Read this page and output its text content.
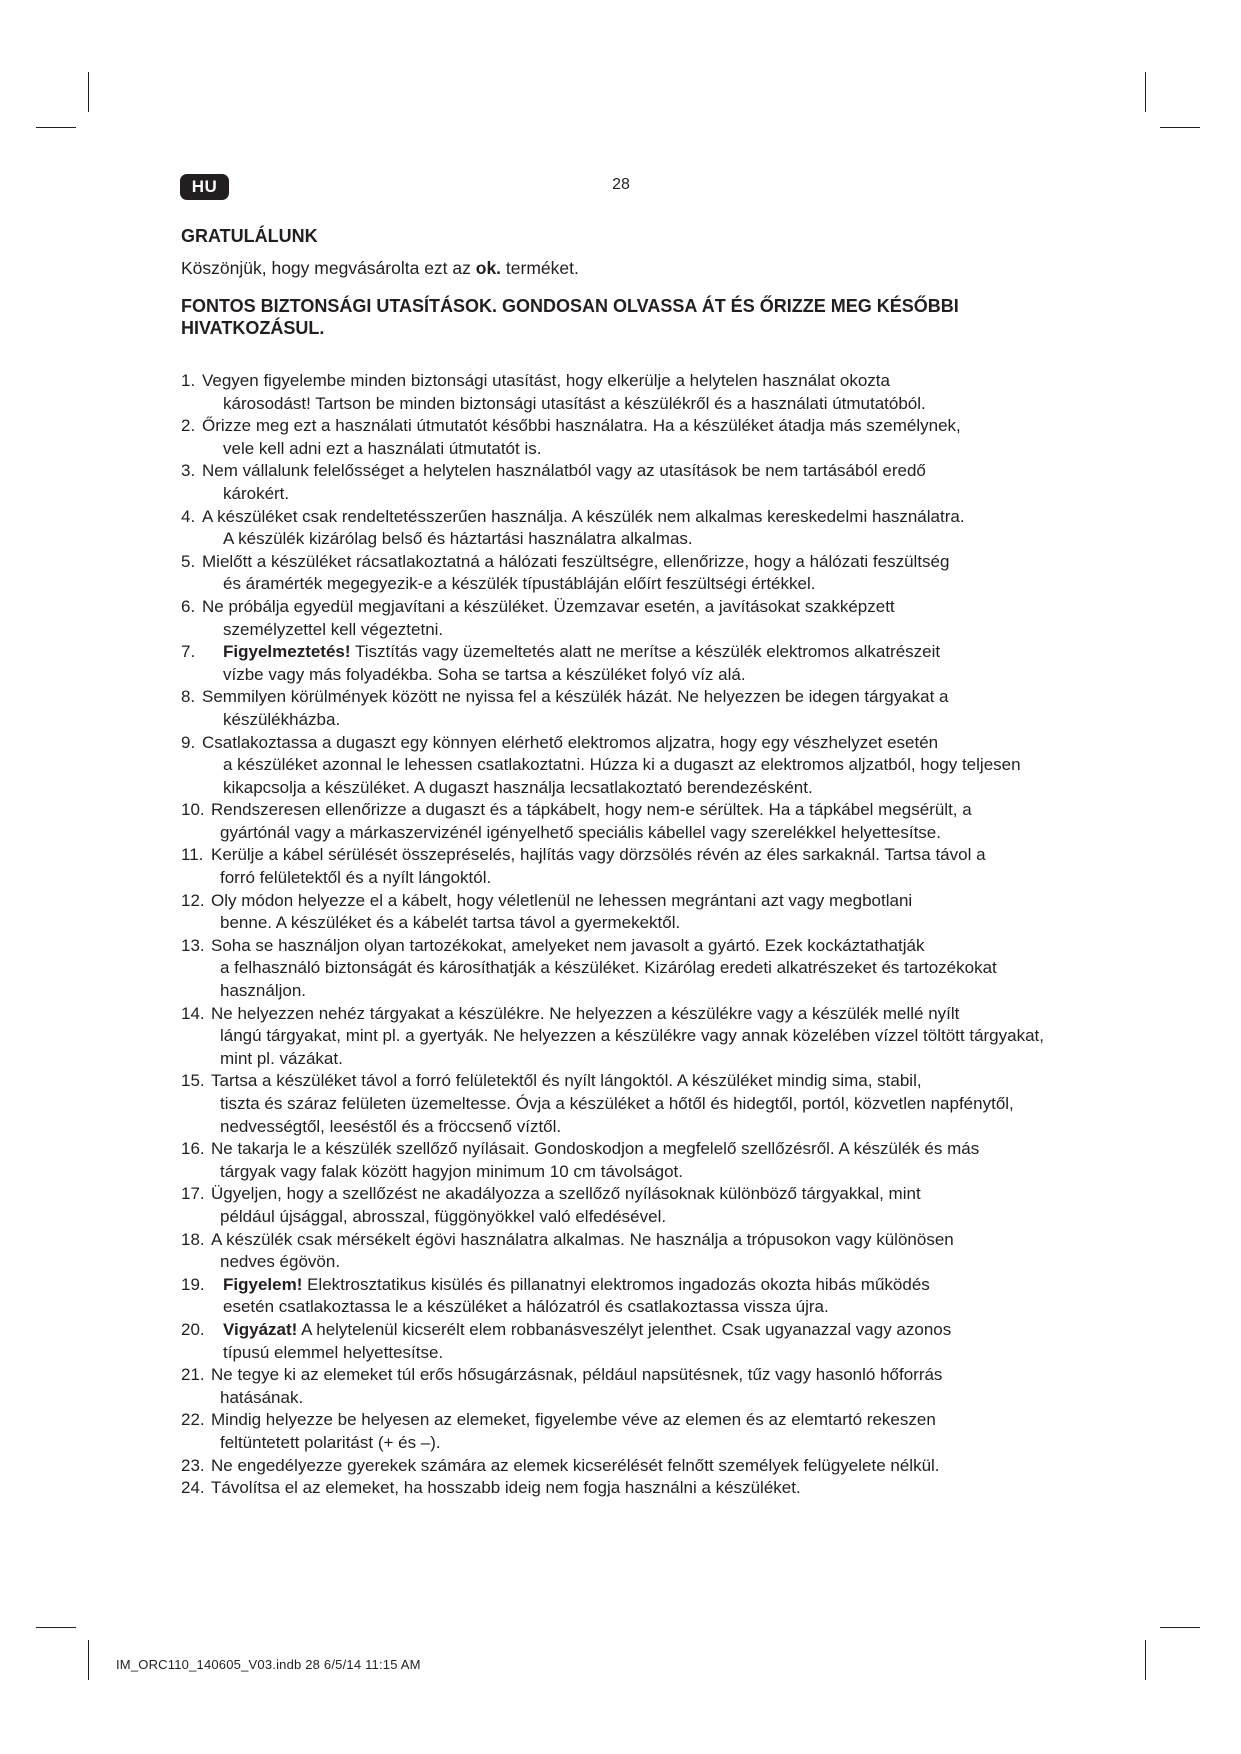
HU	28
GRATULÁLUNK

Köszönjük, hogy megvásárolta ezt az ok. terméket.

FONTOS BIZTONSÁGI UTASÍTÁSOK. GONDOSAN OLVASSA ÁT ÉS ŐRIZZE MEG KÉSŐBBI HIVATKOZÁSUL.
1. Vegyen figyelembe minden biztonsági utasítást, hogy elkerülje a helytelen használat okozta
károsodást! Tartson be minden biztonsági utasítást a készülékről és a használati útmutatóból.
2. Őrizze meg ezt a használati útmutatót későbbi használatra. Ha a készüléket átadja más személynek,
vele kell adni ezt a használati útmutatót is.
3. Nem vállalunk felelősséget a helytelen használatból vagy az utasítások be nem tartásából eredő
károkért.
4. A készüléket csak rendeltetésszerűen használja. A készülék nem alkalmas kereskedelmi használatra.
A készülék kizárólag belső és háztartási használatra alkalmas.
5. Mielőtt a készüléket rácsatlakoztatná a hálózati feszültségre, ellenőrizze, hogy a hálózati feszültség
és áramérték megegyezik-e a készülék típustábláján előírt feszültségi értékkel.
6. Ne próbálja egyedül megjavítani a készüléket. Üzemzavar esetén, a javításokat szakképzett
személyzettel kell végeztetni.
7. Figyelmeztetés! Tisztítás vagy üzemeltetés alatt ne merítse a készülék elektromos alkatrészeit
vízbe vagy más folyadékba. Soha se tartsa a készüléket folyó víz alá.
8. Semmilyen körülmények között ne nyissa fel a készülék házát. Ne helyezzen be idegen tárgyakat a
készülékházba.
9. Csatlakoztassa a dugaszt egy könnyen elérhető elektromos aljzatra, hogy egy vészhelyzet esetén
a készüléket azonnal le lehessen csatlakoztatni. Húzza ki a dugaszt az elektromos aljzatból, hogy teljesen kikapcsolja a készüléket. A dugaszt használja lecsatlakoztató berendezésként.
10. Rendszeresen ellenőrizze a dugaszt és a tápkábelt, hogy nem-e sérültek. Ha a tápkábel megsérült, a
gyártónál vagy a márkaszervizénél igényelhető speciális kábellel vagy szerelékkel helyettesítse.
11. Kerülje a kábel sérülését összepréselés, hajlítás vagy dörzsölés révén az éles sarkaknál. Tartsa távol a
forró felületektől és a nyílt lángoktól.
12. Oly módon helyezze el a kábelt, hogy véletlenül ne lehessen megrántani azt vagy megbotlani
benne. A készüléket és a kábelét tartsa távol a gyermekektől.
13. Soha se használjon olyan tartozékokat, amelyeket nem javasolt a gyártó. Ezek kockáztathatják
a felhasználó biztonságát és károsíthatják a készüléket. Kizárólag eredeti alkatrészeket és tartozékokat használjon.
14. Ne helyezzen nehéz tárgyakat a készülékre. Ne helyezzen a készülékre vagy a készülék mellé nyílt
lángú tárgyakat, mint pl. a gyertyák. Ne helyezzen a készülékre vagy annak közelében vízzel töltött tárgyakat, mint pl. vázákat.
15. Tartsa a készüléket távol a forró felületektől és nyílt lángoktól. A készüléket mindig sima, stabil,
tiszta és száraz felületen üzemeltesse. Óvja a készüléket a hőtől és hidegtől, portól, közvetlen napfénytől, nedvességtől, leeséstől és a fröccsenő víztől.
16. Ne takarja le a készülék szellőző nyílásait. Gondoskodjon a megfelelő szellőzésről. A készülék és más
tárgyak vagy falak között hagyjon minimum 10 cm távolságot.
17. Ügyeljen, hogy a szellőzést ne akadályozza a szellőző nyílásoknak különböző tárgyakkal, mint
például újsággal, abrosszal, függönyökkel való elfedésével.
18. A készülék csak mérsékelt égövi használatra alkalmas. Ne használja a trópusokon vagy különösen
nedves égövön.
19. Figyelem! Elektrosztatikus kisülés és pillanatnyi elektromos ingadozás okozta hibás működés
esetén csatlakoztassa le a készüléket a hálózatról és csatlakoztassa vissza újra.
20. Vigyázat! A helytelenül kicserélt elem robbanásveszélyt jelenthet. Csak ugyanazzal vagy azonos
típusú elemmel helyettesítse.
21. Ne tegye ki az elemeket túl erős hősugárzásnak, például napsütésnek, tűz vagy hasonló hőforrás
hatásának.
22. Mindig helyezze be helyesen az elemeket, figyelembe véve az elemen és az elemtartó rekeszen
feltüntetett polaritást (+ és –).
23. Ne engedélyezze gyerekek számára az elemek kicserélését felnőtt személyek felügyelete nélkül.
24. Távolítsa el az elemeket, ha hosszabb ideig nem fogja használni a készüléket.
IM_ORC110_140605_V03.indb 28 6/5/14 11:15 AM
